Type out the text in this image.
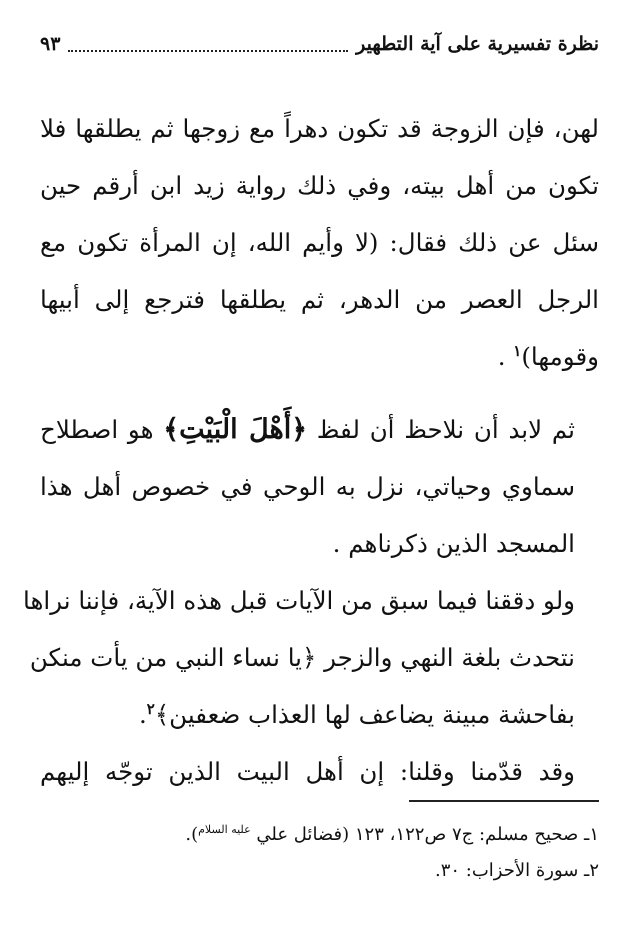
نظرة تفسيرية على آية التطهير
٩٣
لهن، فإن الزوجة قد تكون دهراً مع زوجها ثم يطلقها فلا
تكون من أهل بيته، وفي ذلك رواية زيد ابن أرقم حين
سئل عن ذلك فقال: (لا وأيم الله، إن المرأة تكون مع
الرجل العصر من الدهر، ثم يطلقها فترجع إلى أبيها
وقومها)$^١$ .
ثم لابد أن نلاحظ أن لفظ ﴿أَهْلَ الْبَيْتِ﴾ هو اصطلاح
سماوي وحياتي، نزل به الوحي في خصوص أهل هذا
المسجد الذين ذكرناهم .
ولو دققنا فيما سبق من الآيات قبل هذه الآية، فإننا نراها
نتحدث بلغة النهي والزجر ﴿يا نساء النبي من يأت منكن
بفاحشة مبينة يضاعف لها العذاب ضعفين﴾$^٢$.
وقد قدّمنا وقلنا: إن أهل البيت الذين توجّه إليهم
١ـ صحيح مسلم: ج٧ ص١٢٢، ١٢٣ (فضائل علي $^{عليه السلام}$).
٢ـ سورة الأحزاب: ٣٠.
